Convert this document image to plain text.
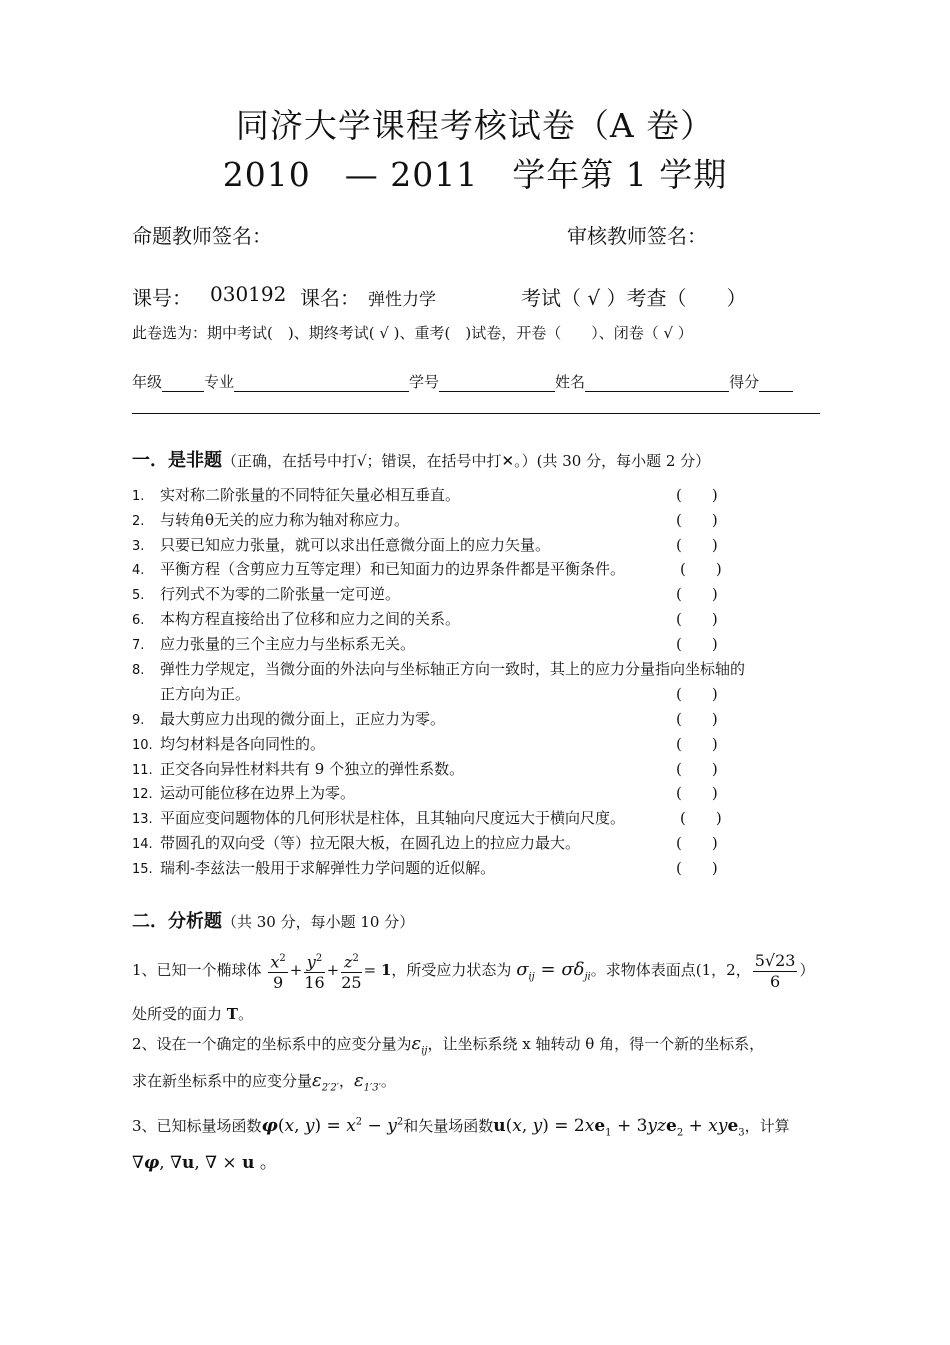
同济大学课程考核试卷（A 卷）
2010　— 2011　学年第 1 学期
命题教师签名：	审核教师签名：
课号： 030192 课名： 弹性力学	考试（ √ ）考查（　　）
此卷选为：期中考试(　)、期终考试( √ )、重考(　)试卷，开卷（　　）、闭卷（ √ ）
年级	专业	学号	姓名	得分
一．是非题（正确，在括号中打√；错误，在括号中打✕。）(共 30 分，每小题 2 分）
1. 实对称二阶张量的不同特征矢量必相互垂直。	(　　)
2. 与转角θ无关的应力称为轴对称应力。	(　　)
3. 只要已知应力张量，就可以求出任意微分面上的应力矢量。	(　　)
4. 平衡方程（含剪应力互等定理）和已知面力的边界条件都是平衡条件。	(　　)
5. 行列式不为零的二阶张量一定可逆。	(　　)
6. 本构方程直接给出了位移和应力之间的关系。	(　　)
7. 应力张量的三个主应力与坐标系无关。	(　　)
8. 弹性力学规定，当微分面的外法向与坐标轴正方向一致时，其上的应力分量指向坐标轴的
正方向为正。	(　　)
9. 最大剪应力出现的微分面上，正应力为零。	(　　)
10. 均匀材料是各向同性的。	(　　)
11. 正交各向异性材料共有 9 个独立的弹性系数。	(　　)
12. 运动可能位移在边界上为零。	(　　)
13. 平面应变问题物体的几何形状是柱体，且其轴向尺度远大于横向尺度。	(　　)
14. 带圆孔的双向受（等）拉无限大板，在圆孔边上的拉应力最大。	(　　)
15. 瑞利-李兹法一般用于求解弹性力学问题的近似解。	(　　)
二．分析题（共 30 分，每小题 10 分）
1、已知一个椭球体 $\frac{x^2}{9} + \frac{y^2}{16} + \frac{z^2}{25} = 1$，所受应力状态为 $\sigma_{ij} = \sigma\delta_{ji}$。求物体表面点(1，2， $\frac{5√23}{6}$ ）
处所受的面力 T。
2、设在一个确定的坐标系中的应变分量为$\varepsilon_{ij}$，让坐标系绕 x 轴转动 θ 角，得一个新的坐标系，
求在新坐标系中的应变分量$\varepsilon_{2'2'}$，$\varepsilon_{1'3'}$。
3、已知标量场函数φ(x, $y) = x^2 - y^2$和矢量场函数u(x, $y) = 2xe_1 + 3yze_2 + xye_3$，计算
∇φ, ∇u, ∇ × u 。
